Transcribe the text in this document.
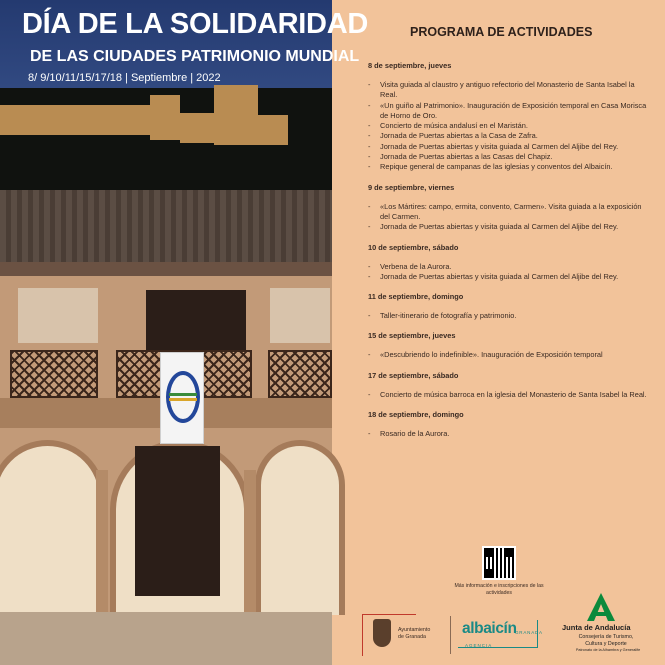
DÍA DE LA SOLIDARIDAD
DE LAS CIUDADES PATRIMONIO MUNDIAL
8/ 9/10/11/15/17/18 | Septiembre | 2022
PROGRAMA DE ACTIVIDADES
8 de septiembre, jueves
- Visita guiada al claustro y antiguo refectorio del Monasterio de Santa Isabel la Real.
- «Un guiño al Patrimonio». Inauguración de Exposición temporal en Casa Morisca de Horno de Oro.
- Concierto de música andalusí en el Maristán.
- Jornada de Puertas abiertas a la Casa de Zafra.
- Jornada de Puertas abiertas y visita guiada al Carmen del Aljibe del Rey.
- Jornada de Puertas abiertas a las Casas del Chapiz.
- Repique general de campanas de las iglesias y conventos del Albaicín.
9 de septiembre, viernes
- «Los Mártires: campo, ermita, convento, Carmen». Visita guiada a la exposición del Carmen.
- Jornada de Puertas abiertas y visita guiada al Carmen del Aljibe del Rey.
10 de septiembre, sábado
- Verbena de la Aurora.
- Jornada de Puertas abiertas y visita guiada al Carmen del Aljibe del Rey.
11 de septiembre, domingo
- Taller-itinerario de fotografía y patrimonio.
15 de septiembre, jueves
- «Descubriendo lo indefinible». Inauguración de Exposición temporal
17 de septiembre, sábado
- Concierto de música barroca en la iglesia del Monasterio de Santa Isabel la Real.
18 de septiembre, domingo
- Rosario de la Aurora.
Más información e inscripciones de las actividades
Ayuntamiento
de Granada albaicín
GRANADA
AGENCIA
Junta de Andalucía
Consejería de Turismo, Cultura y Deporte
Patronato de la Alhambra y Generalife
